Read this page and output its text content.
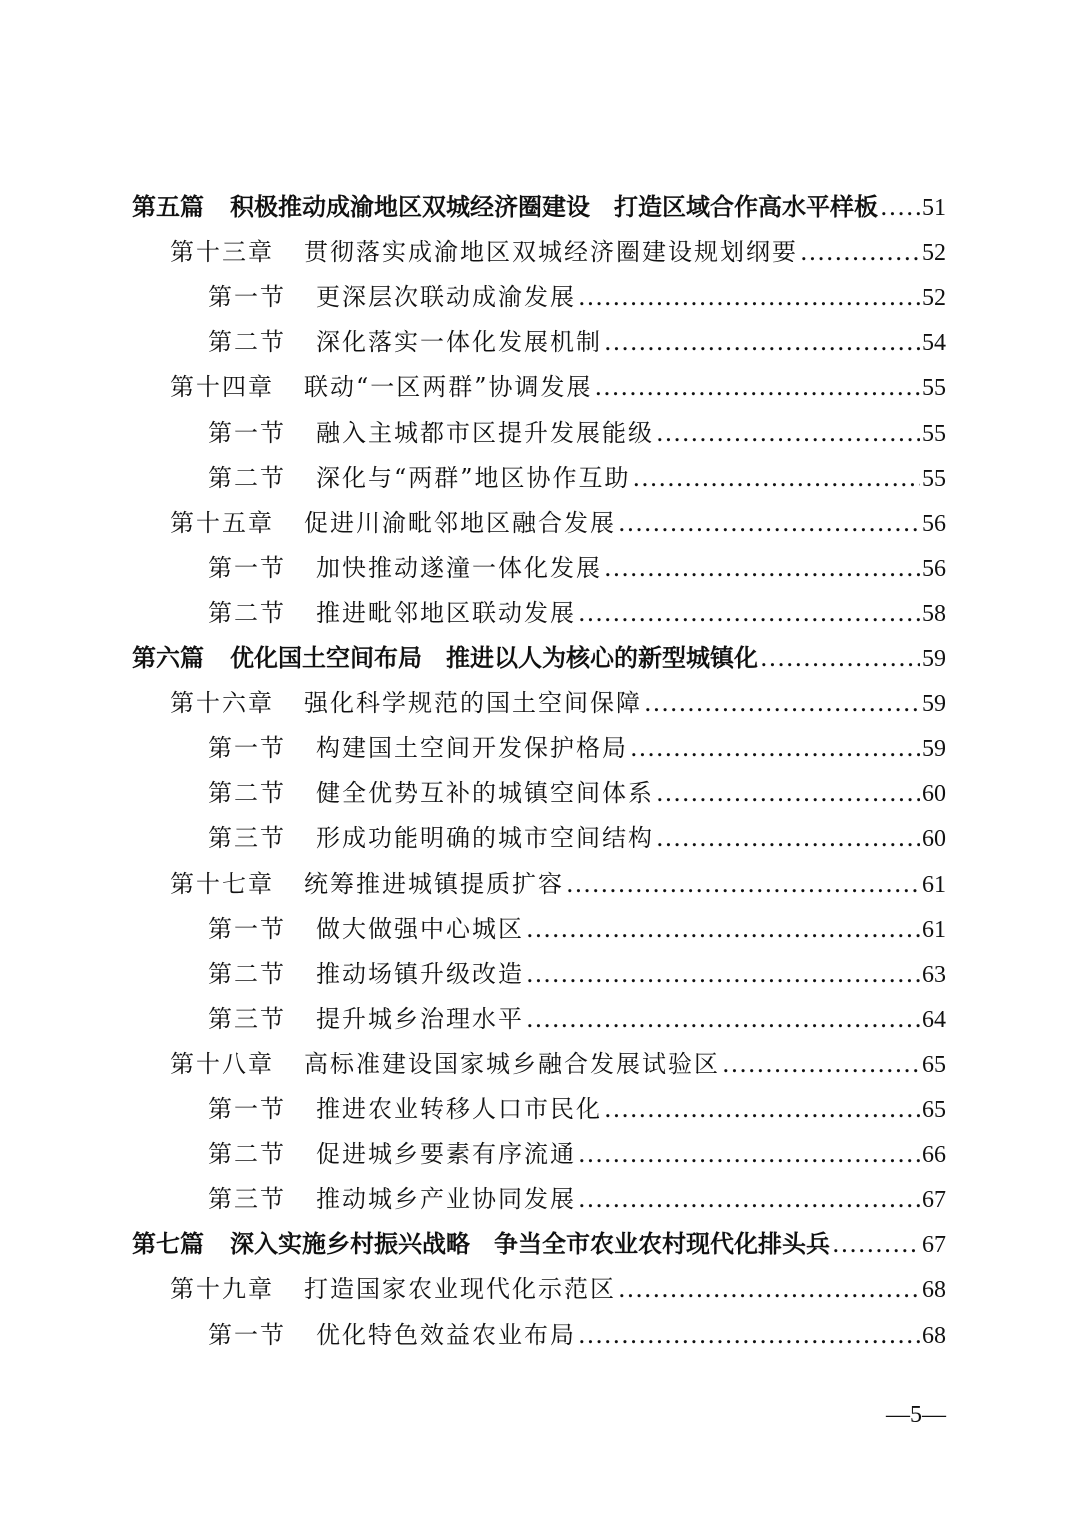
第五篇 积极推动成渝地区双城经济圈建设　打造区域合作高水平样板 ..... 51
第十三章 贯彻落实成渝地区双城经济圈建设规划纲要 .....	52
第一节 更深层次联动成渝发展 .....	52
第二节 深化落实一体化发展机制 .....	54
第十四章 联动“一区两群”协调发展 .....	55
第一节 融入主城都市区提升发展能级 .....	55
第二节 深化与“两群”地区协作互助 .....	55
第十五章 促进川渝毗邻地区融合发展 .....	56
第一节 加快推动遂潼一体化发展 .....	56
第二节 推进毗邻地区联动发展 .....	58
第六篇 优化国土空间布局　推进以人为核心的新型城镇化 .....	59
第十六章 强化科学规范的国土空间保障 .....	59
第一节 构建国土空间开发保护格局 .....	59
第二节 健全优势互补的城镇空间体系 .....	60
第三节 形成功能明确的城市空间结构 .....	60
第十七章 统筹推进城镇提质扩容 .....	61
第一节 做大做强中心城区 .....	61
第二节 推动场镇升级改造 .....	63
第三节 提升城乡治理水平 .....	64
第十八章 高标准建设国家城乡融合发展试验区 .....	65
第一节 推进农业转移人口市民化 .....	65
第二节 促进城乡要素有序流通 .....	66
第三节 推动城乡产业协同发展 .....	67
第七篇 深入实施乡村振兴战略　争当全市农业农村现代化排头兵 .....	67
第十九章 打造国家农业现代化示范区 .....	68
第一节 优化特色效益农业布局 .....	68
—5—
